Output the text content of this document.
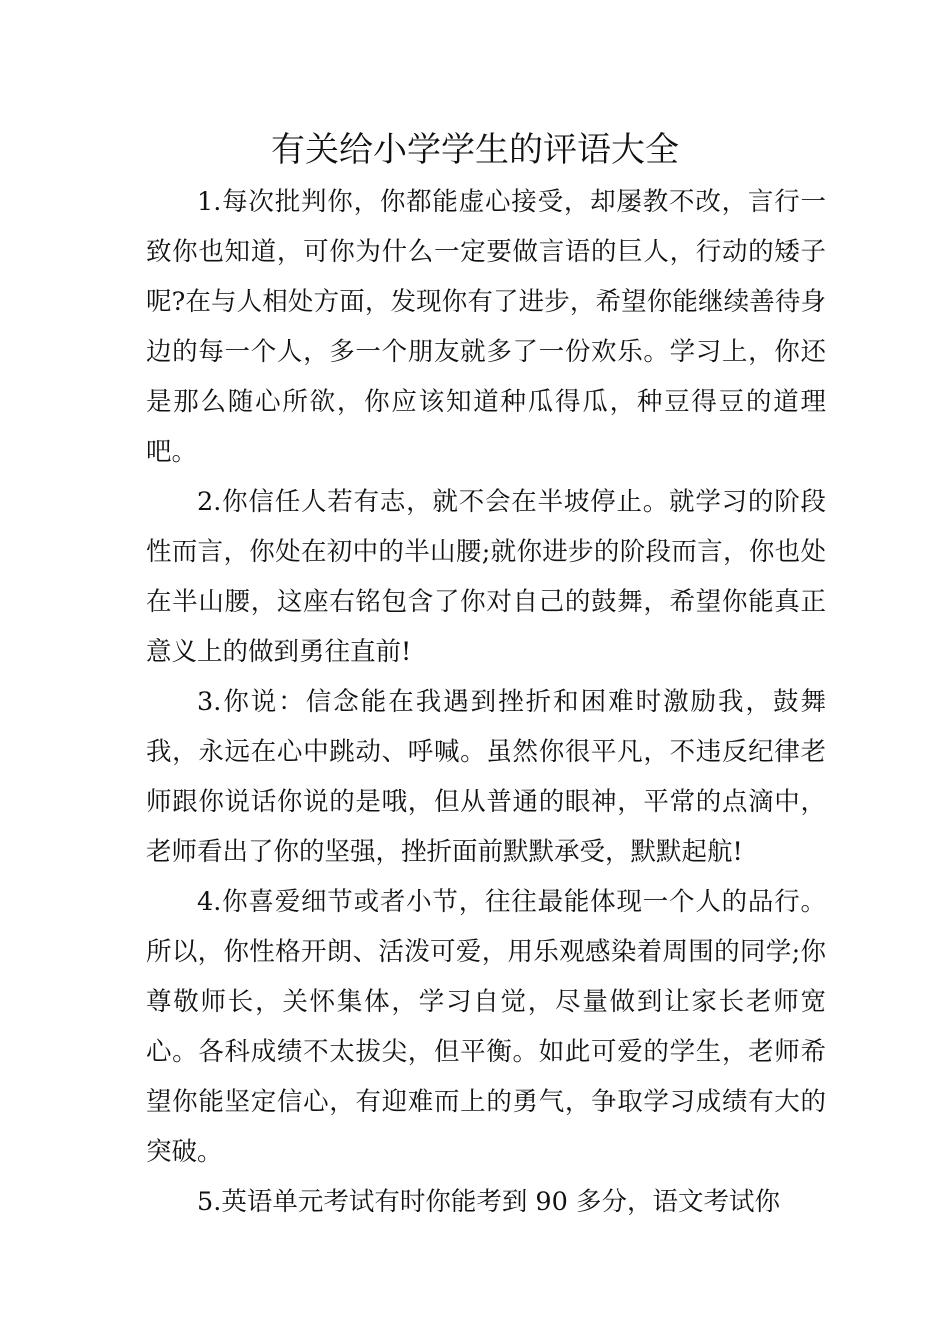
有关给小学学生的评语大全

1.每次批判你，你都能虚心接受，却屡教不改，言行一致你也知道，可你为什么一定要做言语的巨人，行动的矮子呢?在与人相处方面，发现你有了进步，希望你能继续善待身边的每一个人，多一个朋友就多了一份欢乐。学习上，你还是那么随心所欲，你应该知道种瓜得瓜，种豆得豆的道理吧。

2.你信任人若有志，就不会在半坡停止。就学习的阶段性而言，你处在初中的半山腰;就你进步的阶段而言，你也处在半山腰，这座右铭包含了你对自己的鼓舞，希望你能真正意义上的做到勇往直前!

3.你说：信念能在我遇到挫折和困难时激励我，鼓舞我，永远在心中跳动、呼喊。虽然你很平凡，不违反纪律老师跟你说话你说的是哦，但从普通的眼神，平常的点滴中，老师看出了你的坚强，挫折面前默默承受，默默起航!

4.你喜爱细节或者小节，往往最能体现一个人的品行。所以，你性格开朗、活泼可爱，用乐观感染着周围的同学;你尊敬师长，关怀集体，学习自觉，尽量做到让家长老师宽心。各科成绩不太拔尖，但平衡。如此可爱的学生，老师希望你能坚定信心，有迎难而上的勇气，争取学习成绩有大的突破。

5.英语单元考试有时你能考到 90 多分，语文考试你
